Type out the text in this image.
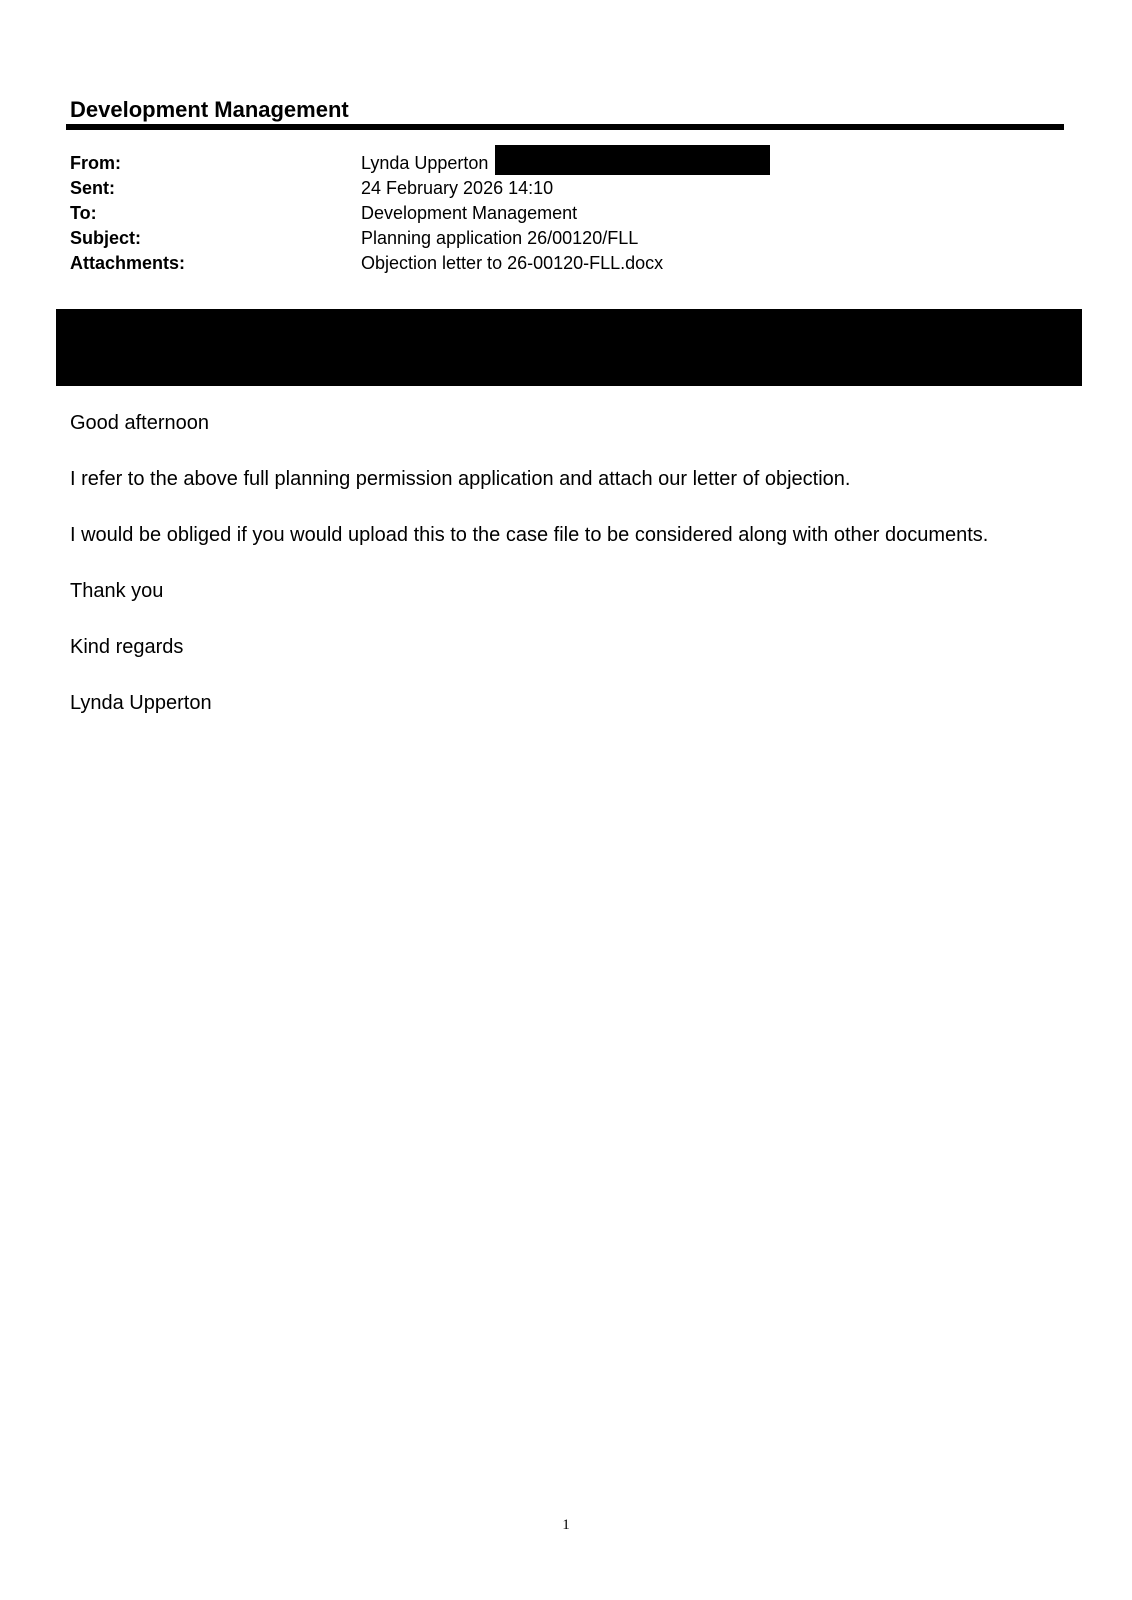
Development Management
From:	Lynda Upperton
Sent:	24 February 2026 14:10
To:	Development Management
Subject:	Planning application 26/00120/FLL
Attachments:	Objection letter to 26-00120-FLL.docx

Good afternoon

I refer to the above full planning permission application and attach our letter of objection.

I would be obliged if you would upload this to the case file to be considered along with other documents.

Thank you

Kind regards

Lynda Upperton

1
